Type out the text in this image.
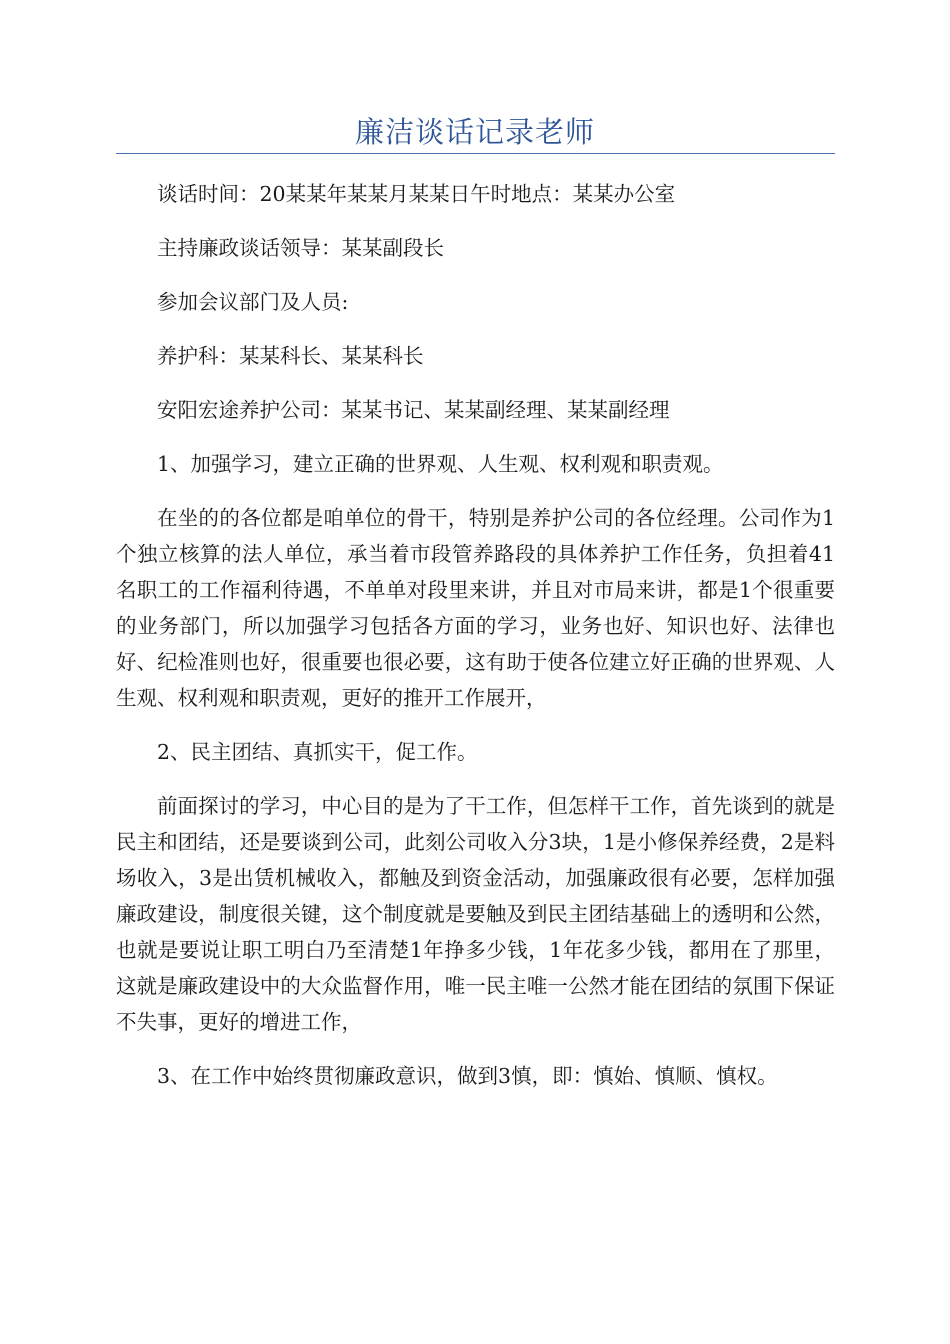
廉洁谈话记录老师

谈话时间：20某某年某某月某某日午时地点：某某办公室

主持廉政谈话领导：某某副段长

参加会议部门及人员:

养护科：某某科长、某某科长

安阳宏途养护公司：某某书记、某某副经理、某某副经理

1、加强学习，建立正确的世界观、人生观、权利观和职责观。

在坐的的各位都是咱单位的骨干，特别是养护公司的各位经理。公司作为1个独立核算的法人单位，承当着市段管养路段的具体养护工作任务，负担着41名职工的工作福利待遇，不单单对段里来讲，并且对市局来讲，都是1个很重要的业务部门，所以加强学习包括各方面的学习，业务也好、知识也好、法律也好、纪检准则也好，很重要也很必要，这有助于使各位建立好正确的世界观、人生观、权利观和职责观，更好的推开工作展开，

2、民主团结、真抓实干，促工作。

前面探讨的学习，中心目的是为了干工作，但怎样干工作，首先谈到的就是民主和团结，还是要谈到公司，此刻公司收入分3块，1是小修保养经费，2是料场收入，3是出赁机械收入，都触及到资金活动，加强廉政很有必要，怎样加强廉政建设，制度很关键，这个制度就是要触及到民主团结基础上的透明和公然，也就是要说让职工明白乃至清楚1年挣多少钱，1年花多少钱，都用在了那里，这就是廉政建设中的大众监督作用，唯一民主唯一公然才能在团结的氛围下保证不失事，更好的增进工作，

3、在工作中始终贯彻廉政意识，做到3慎，即：慎始、慎顺、慎权。
